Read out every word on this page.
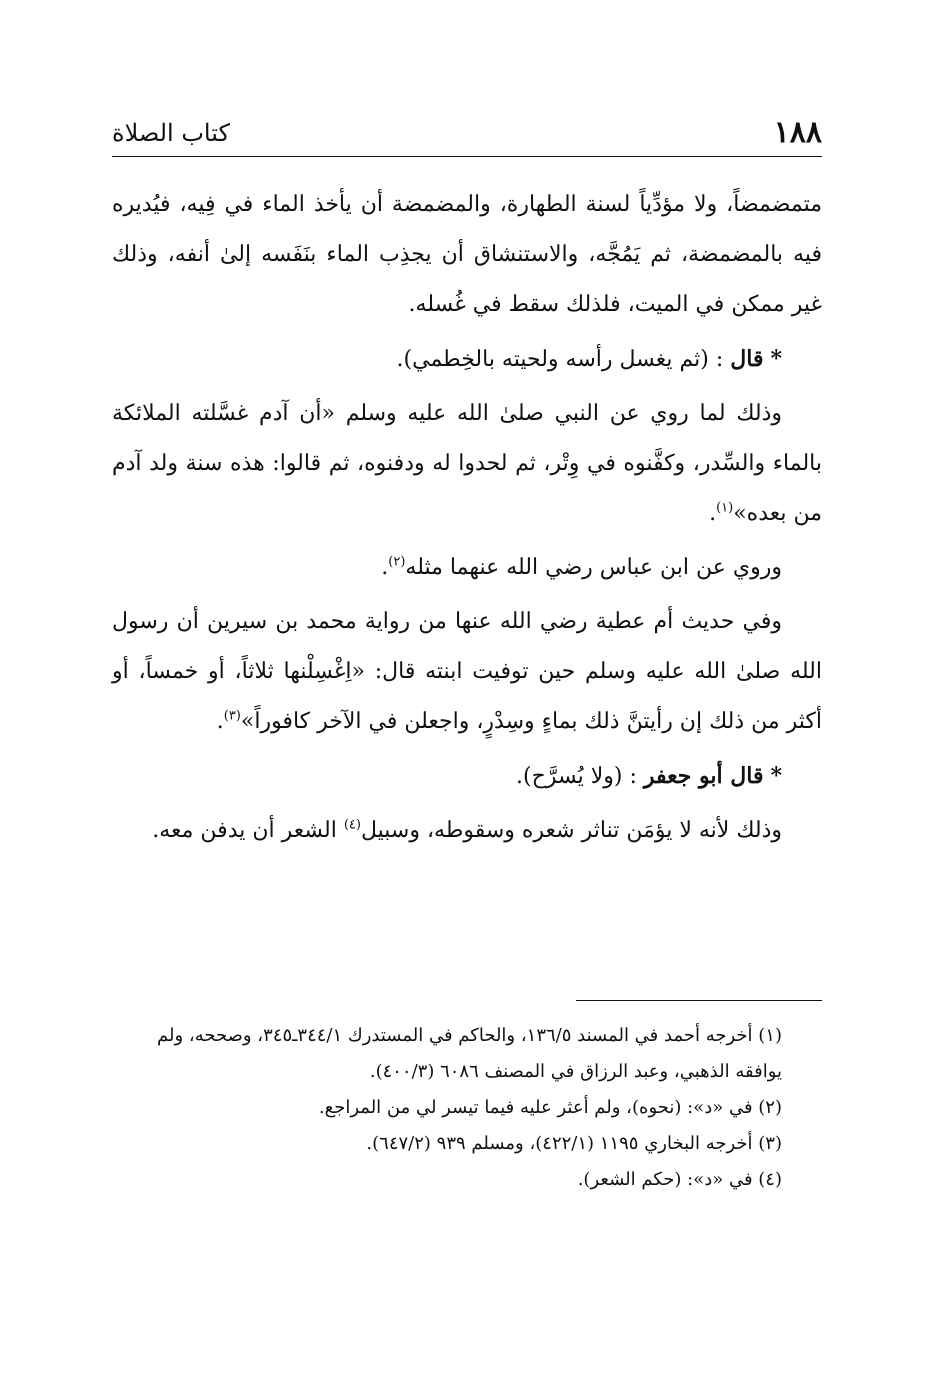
١٨٨
كتاب الصلاة

متمضمضاً، ولا مؤدِّياً لسنة الطهارة، والمضمضة أن يأخذ الماء في فِيه، فيُديره فيه بالمضمضة، ثم يَمُجَّه، والاستنشاق أن يجذِب الماء بنَفَسه إلىٰ أنفه، وذلك غير ممكن في الميت، فلذلك سقط في غُسله.

* قال : (ثم يغسل رأسه ولحيته بالخِطمي).

وذلك لما روي عن النبي صلىٰ الله عليه وسلم «أن آدم غسَّلته الملائكة بالماء والسِّدر، وكفَّنوه في وِتْر، ثم لحدوا له ودفنوه، ثم قالوا: هذه سنة ولد آدم من بعده»$^{(١)}$.

وروي عن ابن عباس رضي الله عنهما مثله$^{(٢)}$.

وفي حديث أم عطية رضي الله عنها من رواية محمد بن سيرين أن رسول الله صلىٰ الله عليه وسلم حين توفيت ابنته قال: «اِغْسِلْنها ثلاثاً، أو خمساً، أو أكثر من ذلك إن رأيتنَّ ذلك بماءٍ وسِدْرٍ، واجعلن في الآخر كافوراً»$^{(٣)}$.

* قال أبو جعفر : (ولا يُسرَّح).

وذلك لأنه لا يؤمَن تناثر شعره وسقوطه، وسبيل$^{(٤)}$ الشعر أن يدفن معه.

(١) أخرجه أحمد في المسند ١٣٦/٥، والحاكم في المستدرك ٣٤٤/١ـ٣٤٥، وصححه، ولم يوافقه الذهبي، وعبد الرزاق في المصنف ٦٠٨٦ (٤٠٠/٣).

(٢) في «د»: (نحوه)، ولم أعثر عليه فيما تيسر لي من المراجع.

(٣) أخرجه البخاري ١١٩٥ (٤٢٢/١)، ومسلم ٩٣٩ (٦٤٧/٢).

(٤) في «د»: (حكم الشعر).
